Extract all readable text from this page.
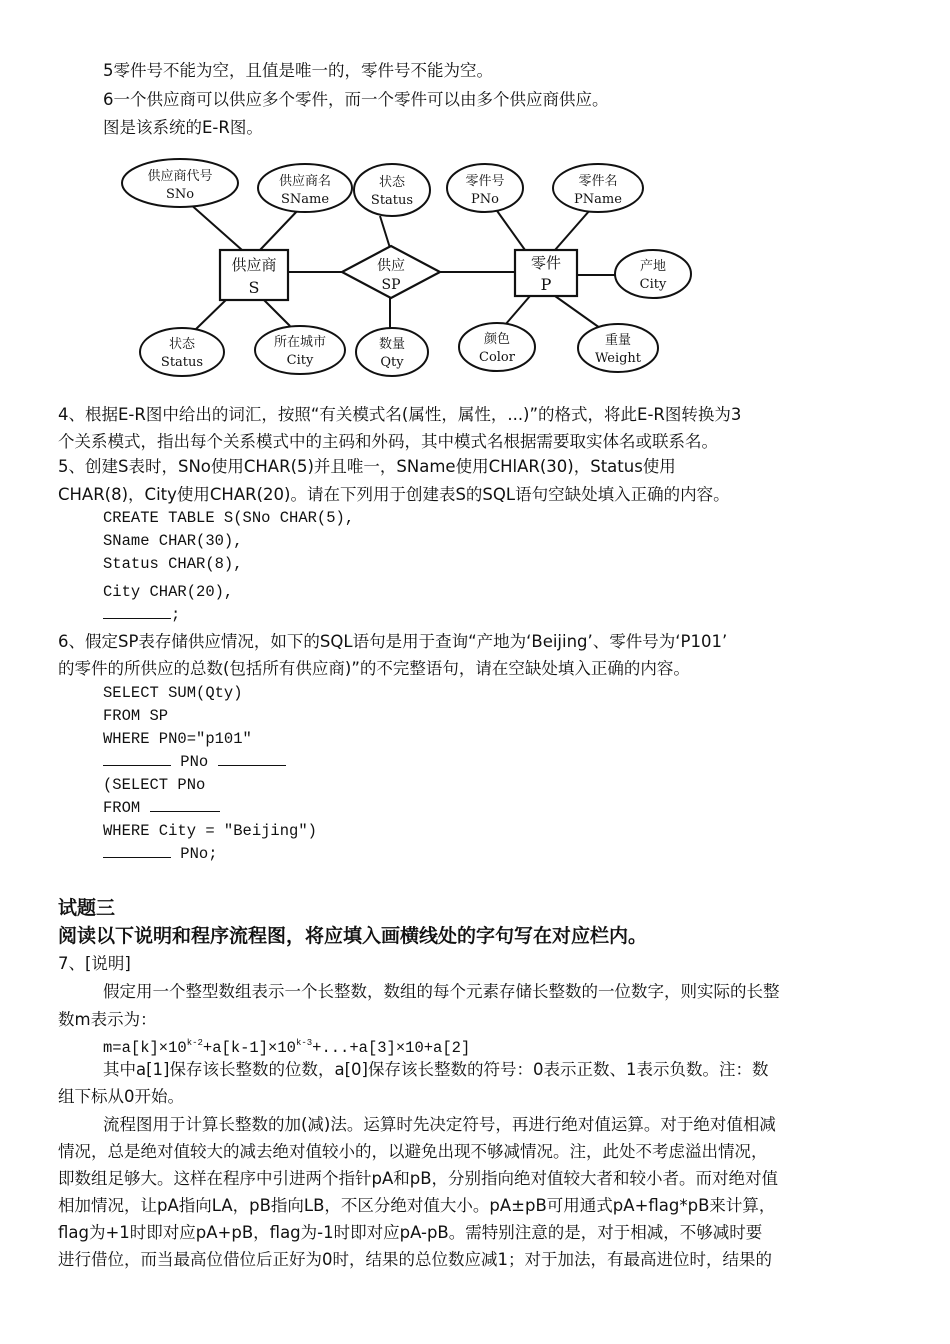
5零件号不能为空，且值是唯一的，零件号不能为空。
6一个供应商可以供应多个零件，而一个零件可以由多个供应商供应。
图是该系统的E-R图。
供应商
S
供应
SP
零件
P
供应商代号
SNo
供应商名
SName
状态
Status
零件号
PNo
零件名
PName
产地
City
状态
Status
所在城市
City
数量
Qty
颜色
Color
重量
Weight
4、根据E-R图中给出的词汇，按照“有关模式名(属性，属性，...)”的格式，将此E-R图转换为3
个关系模式，指出每个关系模式中的主码和外码，其中模式名根据需要取实体名或联系名。
5、创建S表时，SNo使用CHAR(5)并且唯一，SName使用CHlAR(30)，Status使用
CHAR(8)，City使用CHAR(20)。请在下列用于创建表S的SQL语句空缺处填入正确的内容。
CREATE TABLE S(SNo CHAR(5),
SName CHAR(30),
Status CHAR(8),
City CHAR(20),
;
6、假定SP表存储供应情况，如下的SQL语句是用于查询“产地为‘Beijing’、零件号为‘P101’
的零件的所供应的总数(包括所有供应商)”的不完整语句，请在空缺处填入正确的内容。
SELECT SUM(Qty)
FROM SP
WHERE PN0="p101"
PNo
(SELECT PNo
FROM
WHERE City = "Beijing")
PNo;
试题三
阅读以下说明和程序流程图，将应填入画横线处的字句写在对应栏内。
7、[说明]
假定用一个整型数组表示一个长整数，数组的每个元素存储长整数的一位数字，则实际的长整
数m表示为：
$m=a[k]\times 10^{k-2}+a[k-1]\times 10^{k-3}+...+a[3]\times 10+a[2]$
其中a[1]保存该长整数的位数，a[0]保存该长整数的符号：0表示正数、1表示负数。注：数
组下标从0开始。
流程图用于计算长整数的加(减)法。运算时先决定符号，再进行绝对值运算。对于绝对值相减
情况，总是绝对值较大的减去绝对值较小的，以避免出现不够减情况。注，此处不考虑溢出情况，
即数组足够大。这样在程序中引进两个指针pA和pB，分别指向绝对值较大者和较小者。而对绝对值
相加情况，让pA指向LA，pB指向LB，不区分绝对值大小。pA±pB可用通式pA+flag*pB来计算，
flag为+1时即对应pA+pB，flag为-1时即对应pA-pB。需特别注意的是，对于相减，不够减时要
进行借位，而当最高位借位后正好为0时，结果的总位数应减1；对于加法，有最高进位时，结果的
